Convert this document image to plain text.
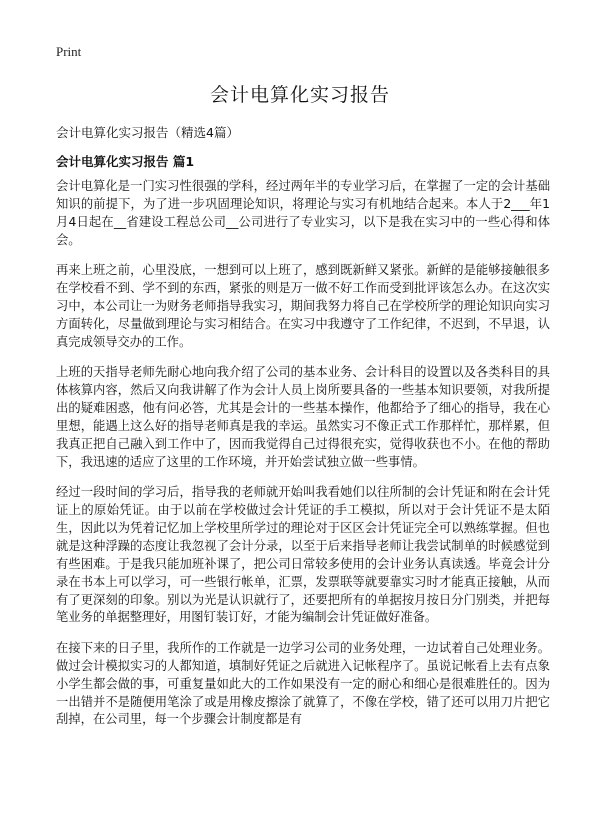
Print
会计电算化实习报告
会计电算化实习报告（精选4篇）
会计电算化实习报告 篇1

会计电算化是一门实习性很强的学科，经过两年半的专业学习后，在掌握了一定的会计基础知识的前提下，为了进一步巩固理论知识，将理论与实习有机地结合起来。本人于2___年1月4日起在__省建设工程总公司__公司进行了专业实习，以下是我在实习中的一些心得和体会。

再来上班之前，心里没底，一想到可以上班了，感到既新鲜又紧张。新鲜的是能够接触很多在学校看不到、学不到的东西，紧张的则是万一做不好工作而受到批评该怎么办。在这次实习中，本公司让一为财务老师指导我实习，期间我努力将自己在学校所学的理论知识向实习方面转化，尽量做到理论与实习相结合。在实习中我遵守了工作纪律，不迟到，不早退，认真完成领导交办的工作。

上班的天指导老师先耐心地向我介绍了公司的基本业务、会计科目的设置以及各类科目的具体核算内容，然后又向我讲解了作为会计人员上岗所要具备的一些基本知识要领，对我所提出的疑难困惑，他有问必答，尤其是会计的一些基本操作，他都给予了细心的指导，我在心里想，能遇上这么好的指导老师真是我的幸运。虽然实习不像正式工作那样忙，那样累，但我真正把自己融入到工作中了，因而我觉得自己过得很充实，觉得收获也不小。在他的帮助下，我迅速的适应了这里的工作环境，并开始尝试独立做一些事情。

经过一段时间的学习后，指导我的老师就开始叫我看她们以往所制的会计凭证和附在会计凭证上的原始凭证。由于以前在学校做过会计凭证的手工模拟，所以对于会计凭证不是太陌生，因此以为凭着记忆加上学校里所学过的理论对于区区会计凭证完全可以熟练掌握。但也就是这种浮躁的态度让我忽视了会计分录，以至于后来指导老师让我尝试制单的时候感觉到有些困难。于是我只能加班补课了，把公司日常较多使用的会计业务认真读透。毕竟会计分录在书本上可以学习，可一些银行帐单，汇票，发票联等就要靠实习时才能真正接触，从而有了更深刻的印象。别以为光是认识就行了，还要把所有的单据按月按日分门别类，并把每笔业务的单据整理好，用图钉装订好，才能为编制会计凭证做好准备。

在接下来的日子里，我所作的工作就是一边学习公司的业务处理，一边试着自己处理业务。做过会计模拟实习的人都知道，填制好凭证之后就进入记帐程序了。虽说记帐看上去有点象小学生都会做的事，可重复量如此大的工作如果没有一定的耐心和细心是很难胜任的。因为一出错并不是随便用笔涂了或是用橡皮擦涂了就算了，不像在学校，错了还可以用刀片把它刮掉，在公司里，每一个步骤会计制度都是有
